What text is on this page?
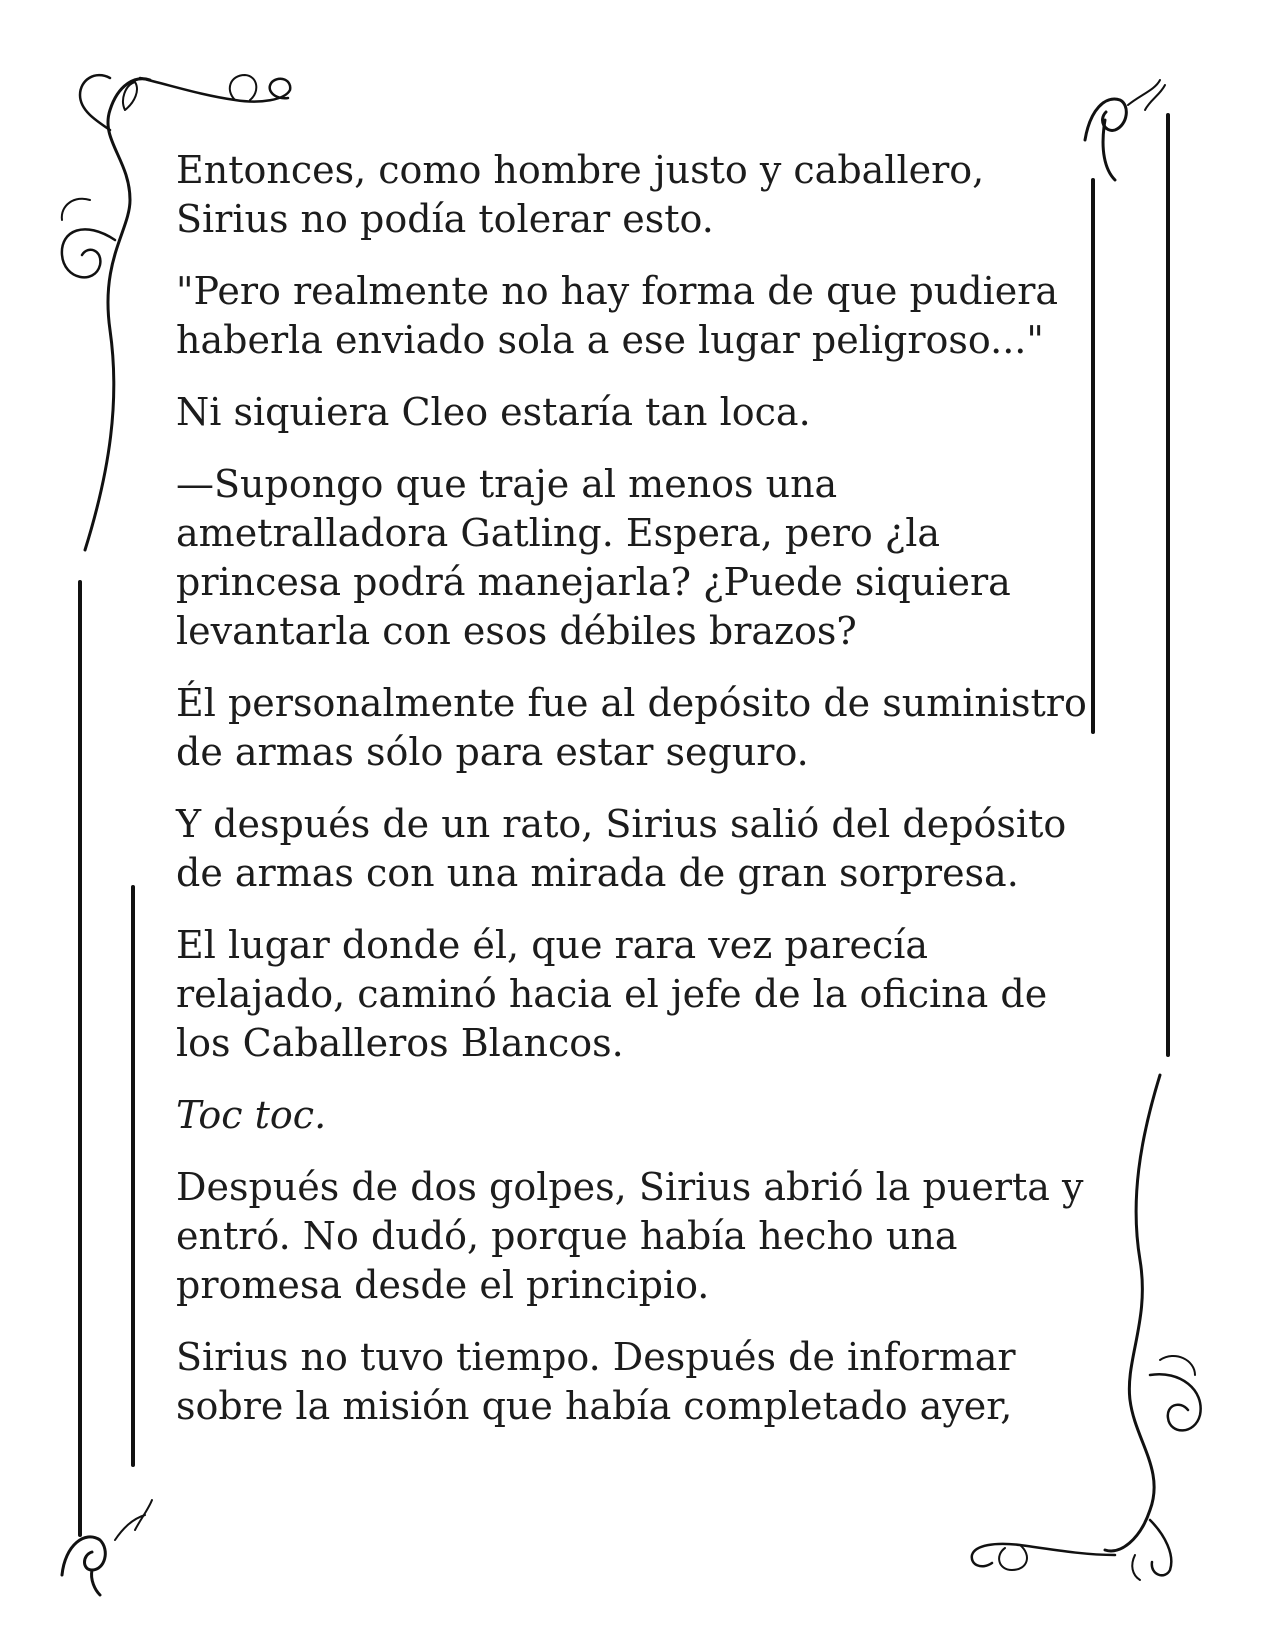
Entonces, como hombre justo y caballero, Sirius no podía tolerar esto.

"Pero realmente no hay forma de que pudiera haberla enviado sola a ese lugar peligroso..."

Ni siquiera Cleo estaría tan loca.

—Supongo que traje al menos una ametralladora Gatling. Espera, pero ¿la princesa podrá manejarla? ¿Puede siquiera levantarla con esos débiles brazos?

Él personalmente fue al depósito de suministro de armas sólo para estar seguro.

Y después de un rato, Sirius salió del depósito de armas con una mirada de gran sorpresa.

El lugar donde él, que rara vez parecía relajado, caminó hacia el jefe de la oficina de los Caballeros Blancos.

Toc toc.

Después de dos golpes, Sirius abrió la puerta y entró. No dudó, porque había hecho una promesa desde el principio.

Sirius no tuvo tiempo. Después de informar sobre la misión que había completado ayer,
